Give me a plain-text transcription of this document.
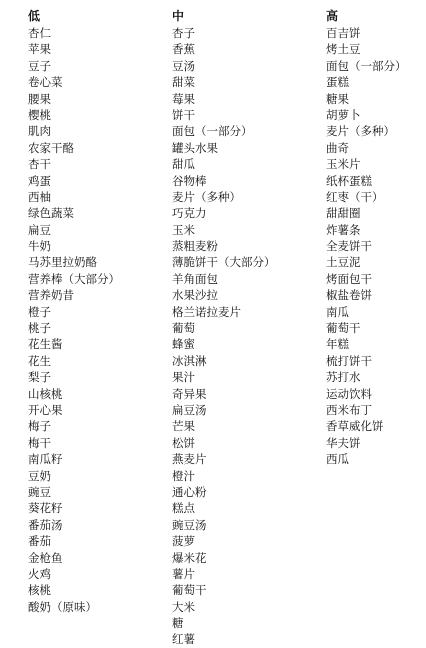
低
杏仁
苹果
豆子
卷心菜
腰果
樱桃
肌肉
农家干酪
杏干
鸡蛋
西柚
绿色蔬菜
扁豆
牛奶
马苏里拉奶酪
营养棒（大部分）
营养奶昔
橙子
桃子
花生酱
花生
梨子
山核桃
开心果
梅子
梅干
南瓜籽
豆奶
豌豆
葵花籽
番茄汤
番茄
金枪鱼
火鸡
核桃
酸奶（原味）
中
杏子
香蕉
豆汤
甜菜
莓果
饼干
面包（一部分）
罐头水果
甜瓜
谷物棒
麦片（多种）
巧克力
玉米
蒸粗麦粉
薄脆饼干（大部分）
羊角面包
水果沙拉
格兰诺拉麦片
葡萄
蜂蜜
冰淇淋
果汁
奇异果
扁豆汤
芒果
松饼
燕麦片
橙汁
通心粉
糕点
豌豆汤
菠萝
爆米花
薯片
葡萄干
大米
糖
红薯
高
百吉饼
烤土豆
面包（一部分）
蛋糕
糖果
胡萝卜
麦片（多种）
曲奇
玉米片
纸杯蛋糕
红枣（干）
甜甜圈
炸薯条
全麦饼干
土豆泥
烤面包干
椒盐卷饼
南瓜
葡萄干
年糕
梳打饼干
苏打水
运动饮料
西米布丁
香草威化饼
华夫饼
西瓜
